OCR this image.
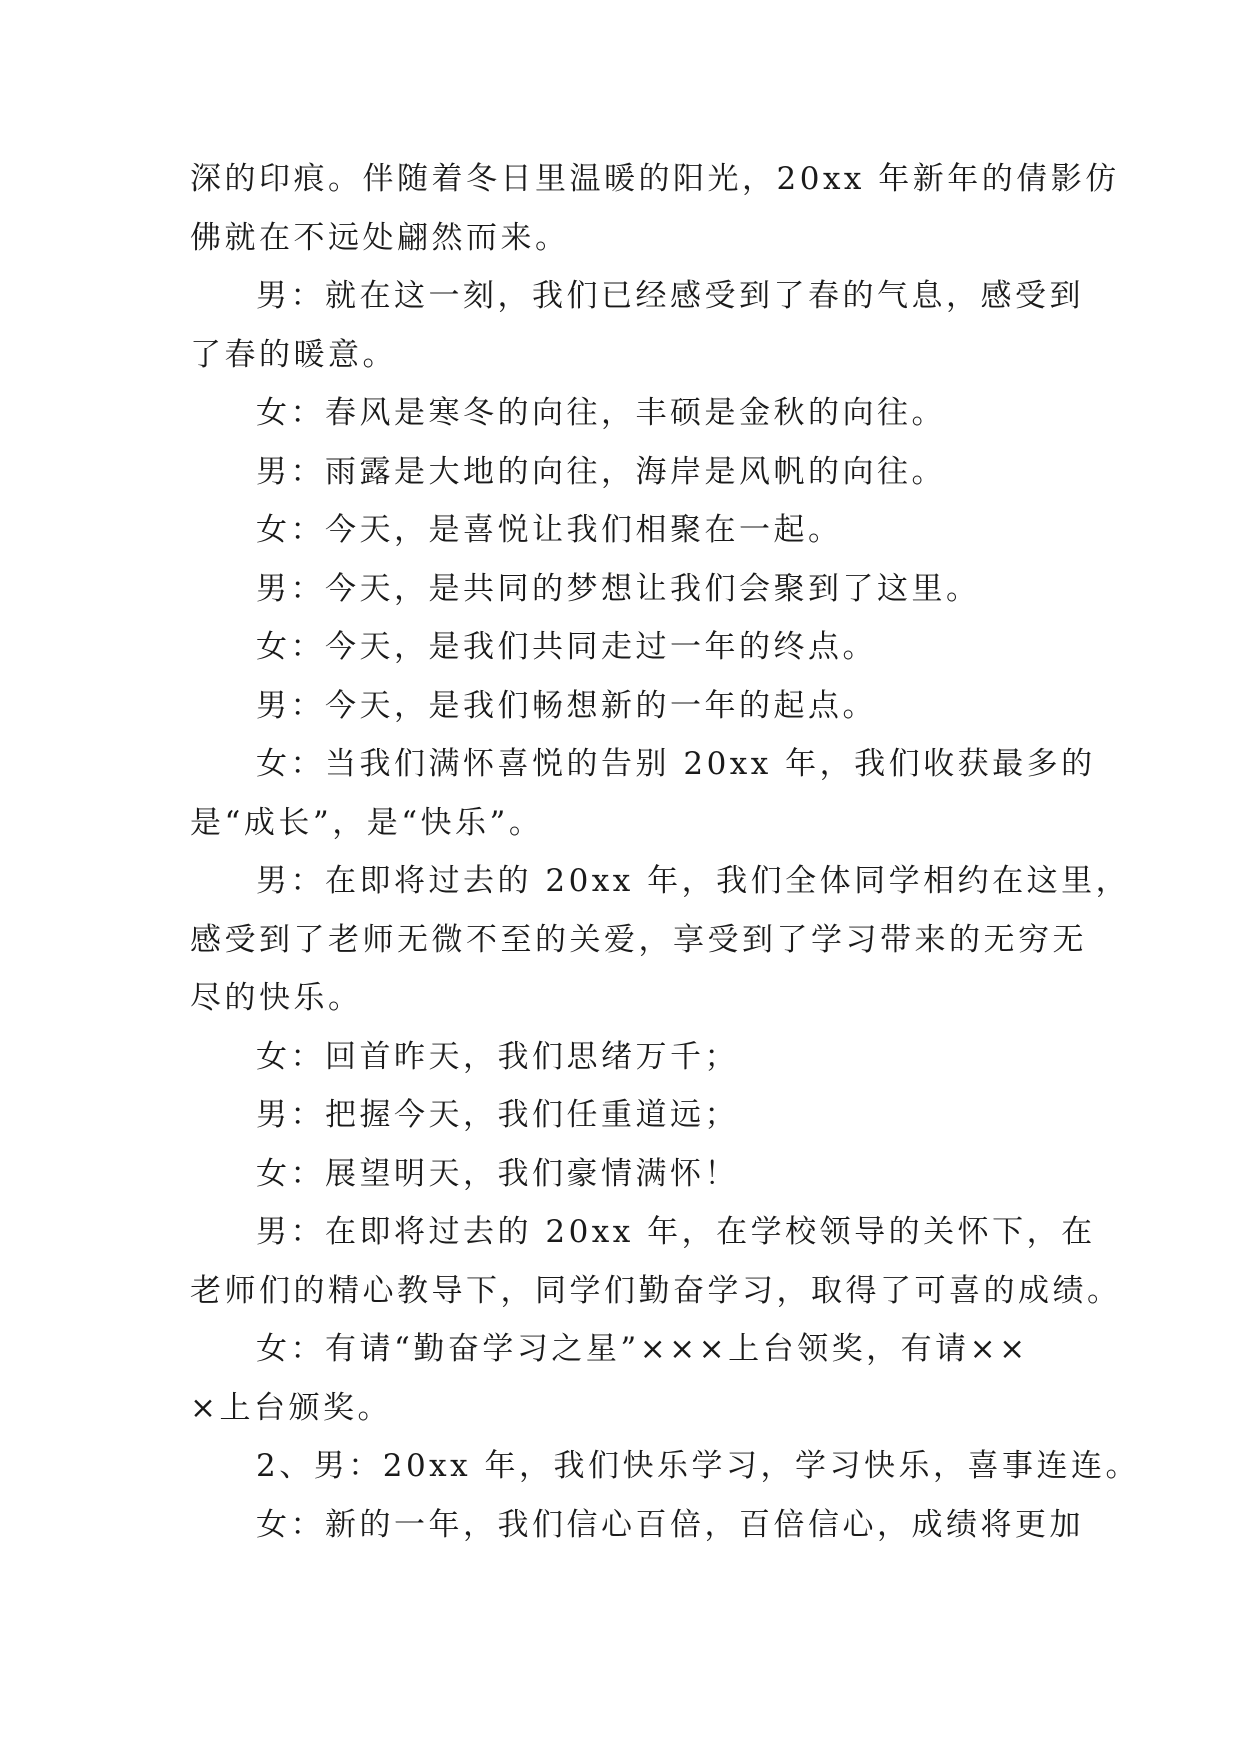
深的印痕。伴随着冬日里温暖的阳光，20xx 年新年的倩影仿
佛就在不远处翩然而来。
男：就在这一刻，我们已经感受到了春的气息，感受到
了春的暖意。
女：春风是寒冬的向往，丰硕是金秋的向往。
男：雨露是大地的向往，海岸是风帆的向往。
女：今天，是喜悦让我们相聚在一起。
男：今天，是共同的梦想让我们会聚到了这里。
女：今天，是我们共同走过一年的终点。
男：今天，是我们畅想新的一年的起点。
女：当我们满怀喜悦的告别 20xx 年，我们收获最多的
是“成长”，是“快乐”。
男：在即将过去的 20xx 年，我们全体同学相约在这里，
感受到了老师无微不至的关爱，享受到了学习带来的无穷无
尽的快乐。
女：回首昨天，我们思绪万千；
男：把握今天，我们任重道远；
女：展望明天，我们豪情满怀！
男：在即将过去的 20xx 年，在学校领导的关怀下，在
老师们的精心教导下，同学们勤奋学习，取得了可喜的成绩。
女：有请“勤奋学习之星”×××上台领奖，有请××
×上台颁奖。
2、男：20xx 年，我们快乐学习，学习快乐，喜事连连。
女：新的一年，我们信心百倍，百倍信心，成绩将更加
